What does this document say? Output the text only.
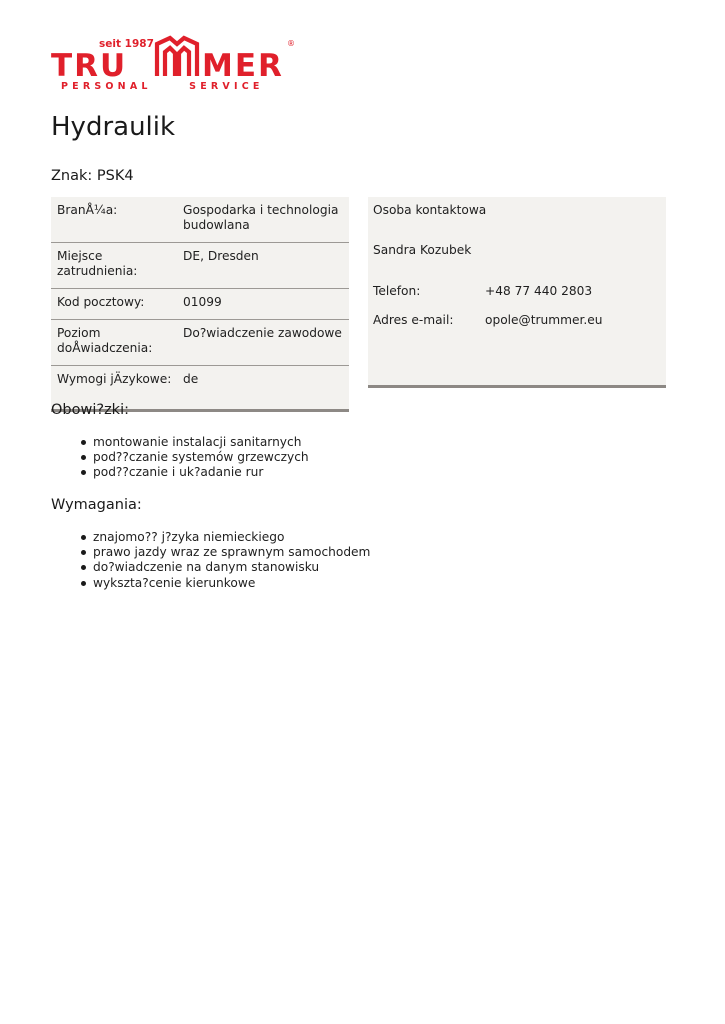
seit 1987
TRU MER
®
PERSONAL     SERVICE
Hydraulik

Znak: PSK4

BranÅ¼a:	Gospodarka i technologia budowlana
Miejsce zatrudnienia:
DE, Dresden
Kod pocztowy:	01099
Poziom doÅwiadczenia:
Do?wiadczenie zawodowe
Wymogi jÄzykowe: de
Osoba kontaktowa
Sandra Kozubek
Telefon:	+48 77 440 2803
Adres e-mail:	opole@trummer.eu
Obowi?zki:
montowanie instalacji sanitarnych
pod??czanie systemów grzewczych
pod??czanie i uk?adanie rur
Wymagania:
znajomo?? j?zyka niemieckiego
prawo jazdy wraz ze sprawnym samochodem
do?wiadczenie na danym stanowisku
wykszta?cenie kierunkowe
